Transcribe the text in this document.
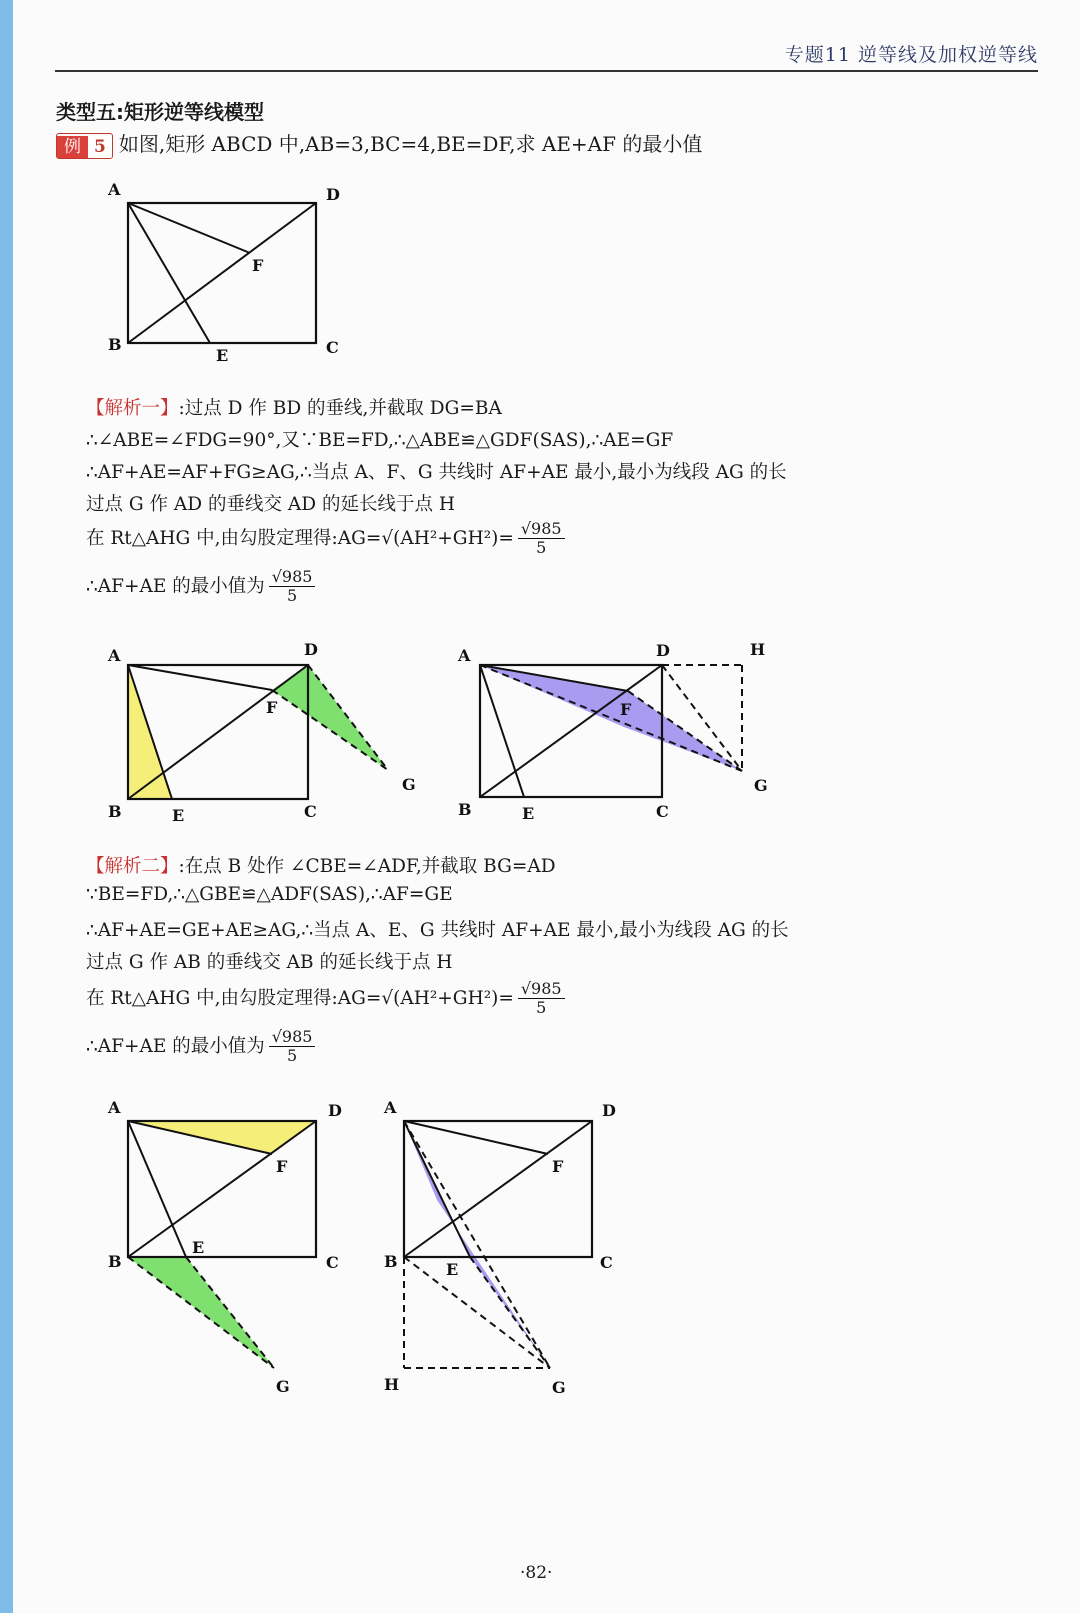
专题11 逆等线及加权逆等线
类型五:矩形逆等线模型
例 5 如图,矩形 ABCD 中,AB=3,BC=4,BE=DF,求 AE+AF 的最小值
A	D
F
B
E	C
【解析一】:过点 D 作 BD 的垂线,并截取 DG=BA
∴∠ABE=∠FDG=90°,又∵BE=FD,∴△ABE≌△GDF(SAS),∴AE=GF
∴AF+AE=AF+FG≥AG,∴当点 A、F、G 共线时 AF+AE 最小,最小为线段 AG 的长
过点 G 作 AD 的垂线交 AD 的延长线于点 H
在 Rt△AHG 中,由勾股定理得:AG=√(AH²+GH²)= $\frac{√985}{5}$
∴AF+AE 的最小值为 $\frac{√985}{5}$
A	D
F
B	E	C
G
A	D	H
F
B	E	C
G
【解析二】:在点 B 处作 ∠CBE=∠ADF,并截取 BG=AD
∵BE=FD,∴△GBE≌△ADF(SAS),∴AF=GE
∴AF+AE=GE+AE≥AG,∴当点 A、E、G 共线时 AF+AE 最小,最小为线段 AG 的长
过点 G 作 AB 的垂线交 AB 的延长线于点 H
在 Rt△AHG 中,由勾股定理得:AG=√(AH²+GH²)= $\frac{√985}{5}$
∴AF+AE 的最小值为 $\frac{√985}{5}$
A	D
F
B
E
C
G
A	D
F
B	E	C
H	G
·82·
